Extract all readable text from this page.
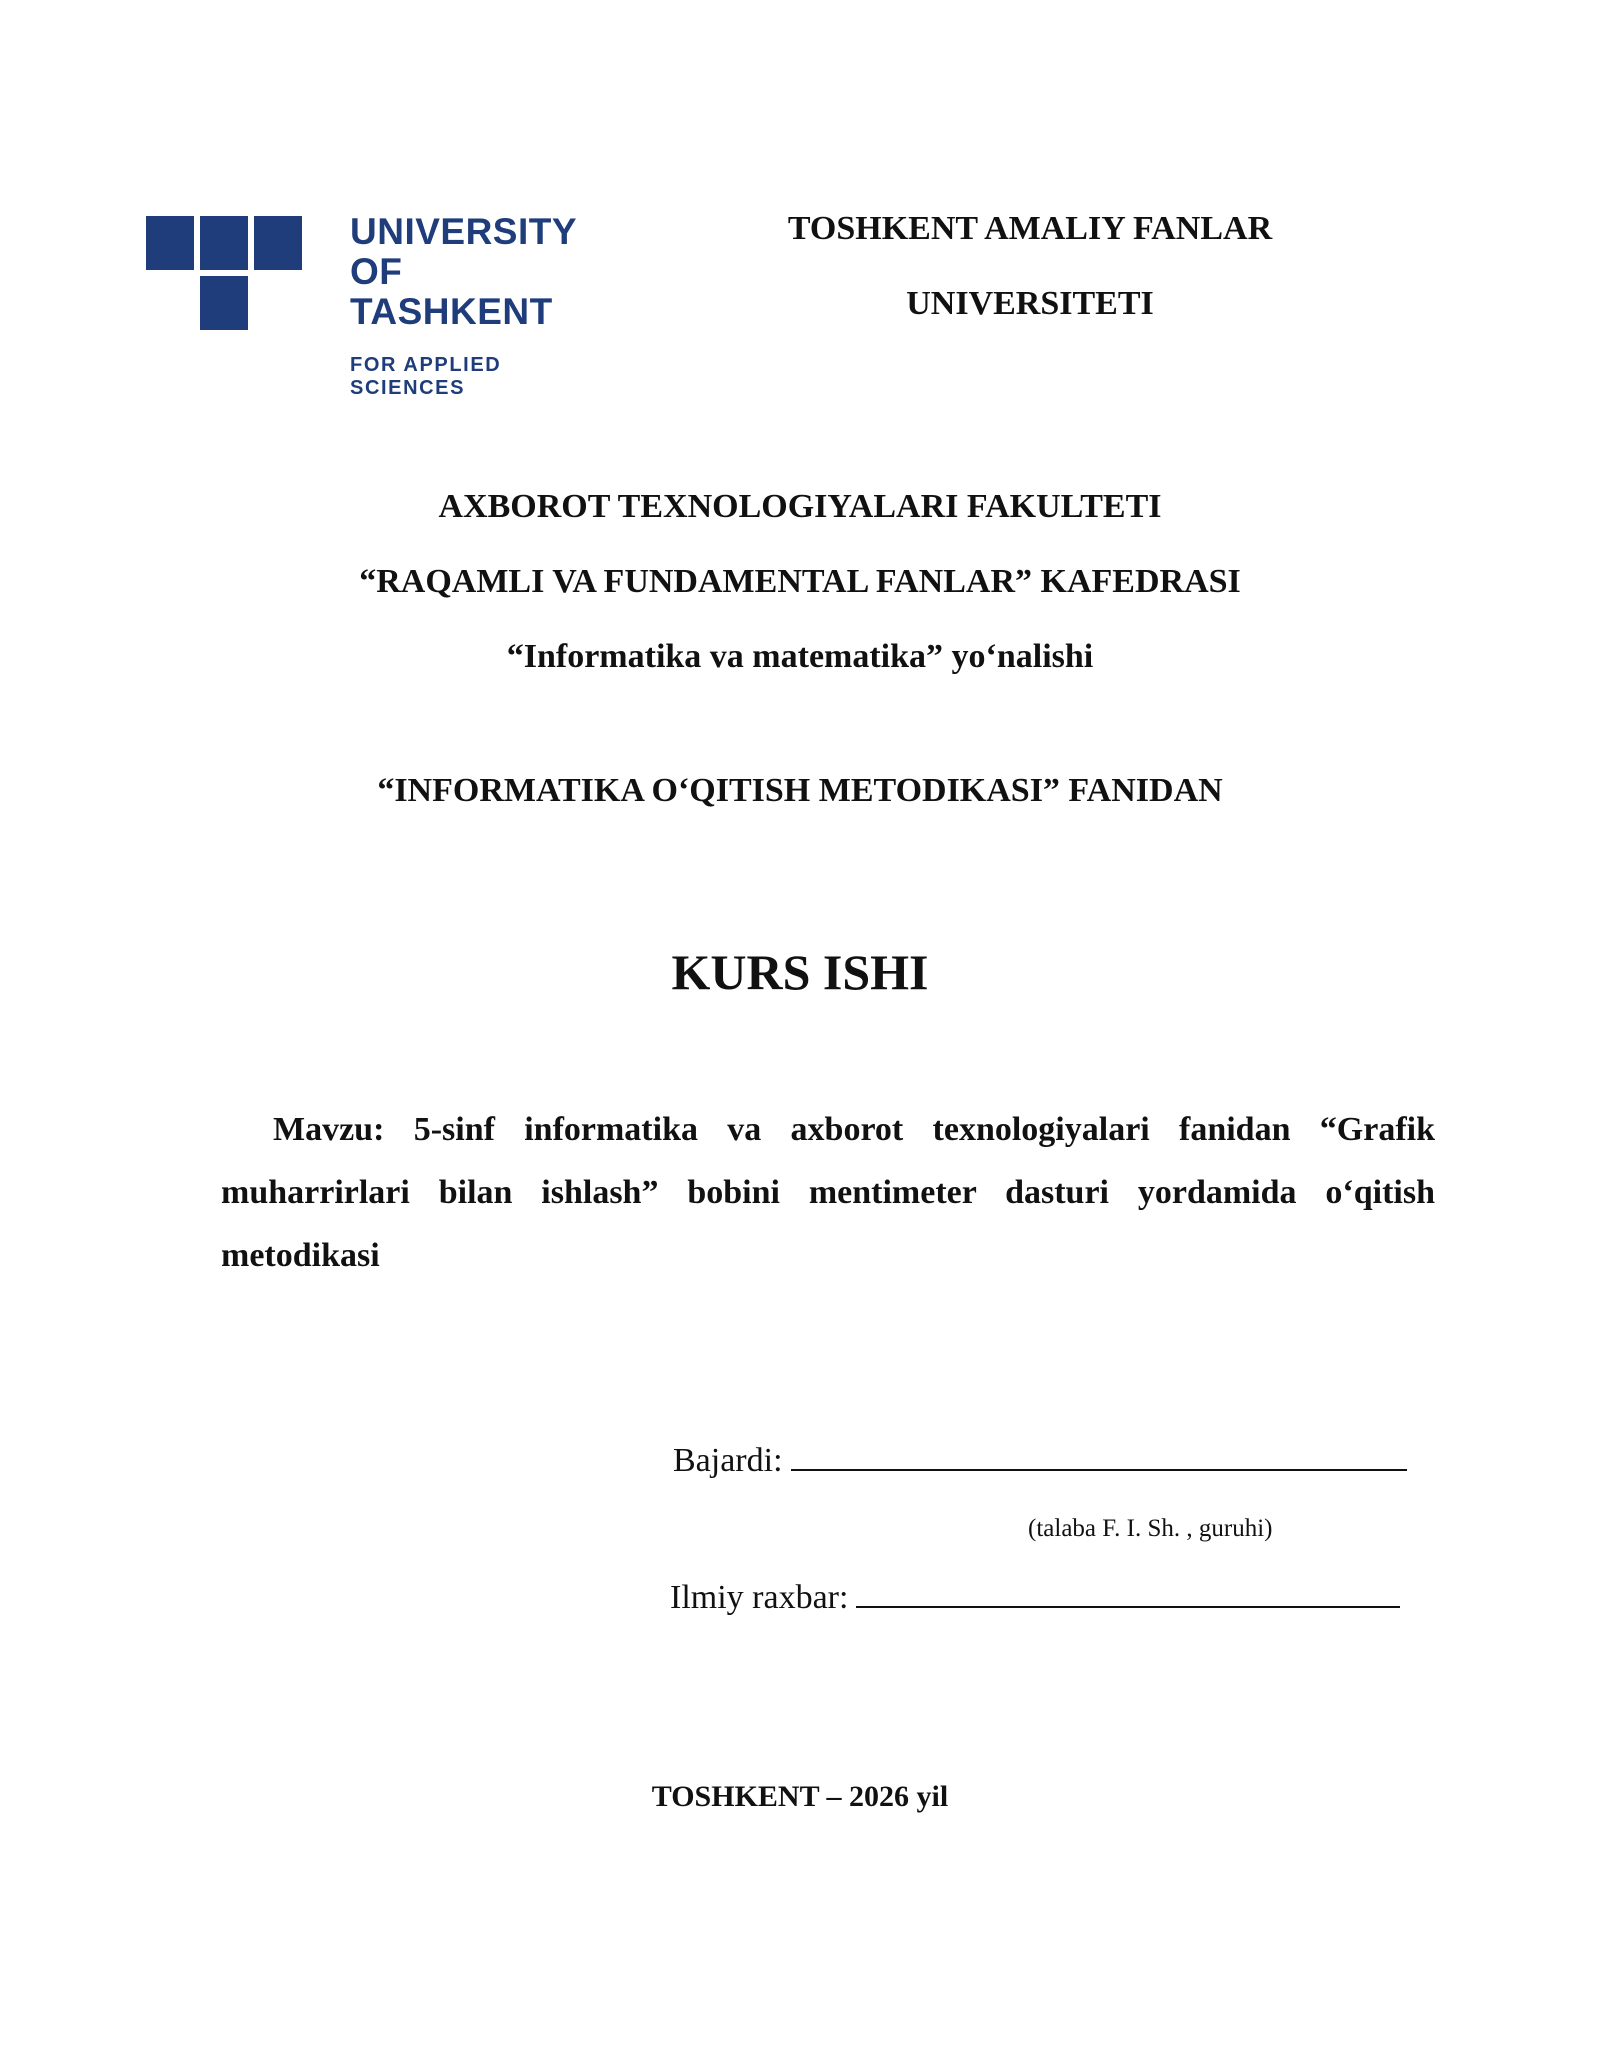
UNIVERSITY
OF TASHKENT
FOR APPLIED SCIENCES
TOSHKENT AMALIY FANLAR
UNIVERSITETI
AXBOROT TEXNOLOGIYALARI FAKULTETI
“RAQAMLI VA FUNDAMENTAL FANLAR” KAFEDRASI
“Informatika va matematika” yo‘nalishi
“INFORMATIKA O‘QITISH METODIKASI” FANIDAN
KURS ISHI

Mavzu: 5-sinf informatika va axborot texnologiyalari fanidan “Grafik muharrirlari bilan ishlash” bobini mentimeter dasturi yordamida o‘qitish metodikasi

Bajardi:
(talaba F. I. Sh. , guruhi)
Ilmiy raxbar:
TOSHKENT – 2026 yil
